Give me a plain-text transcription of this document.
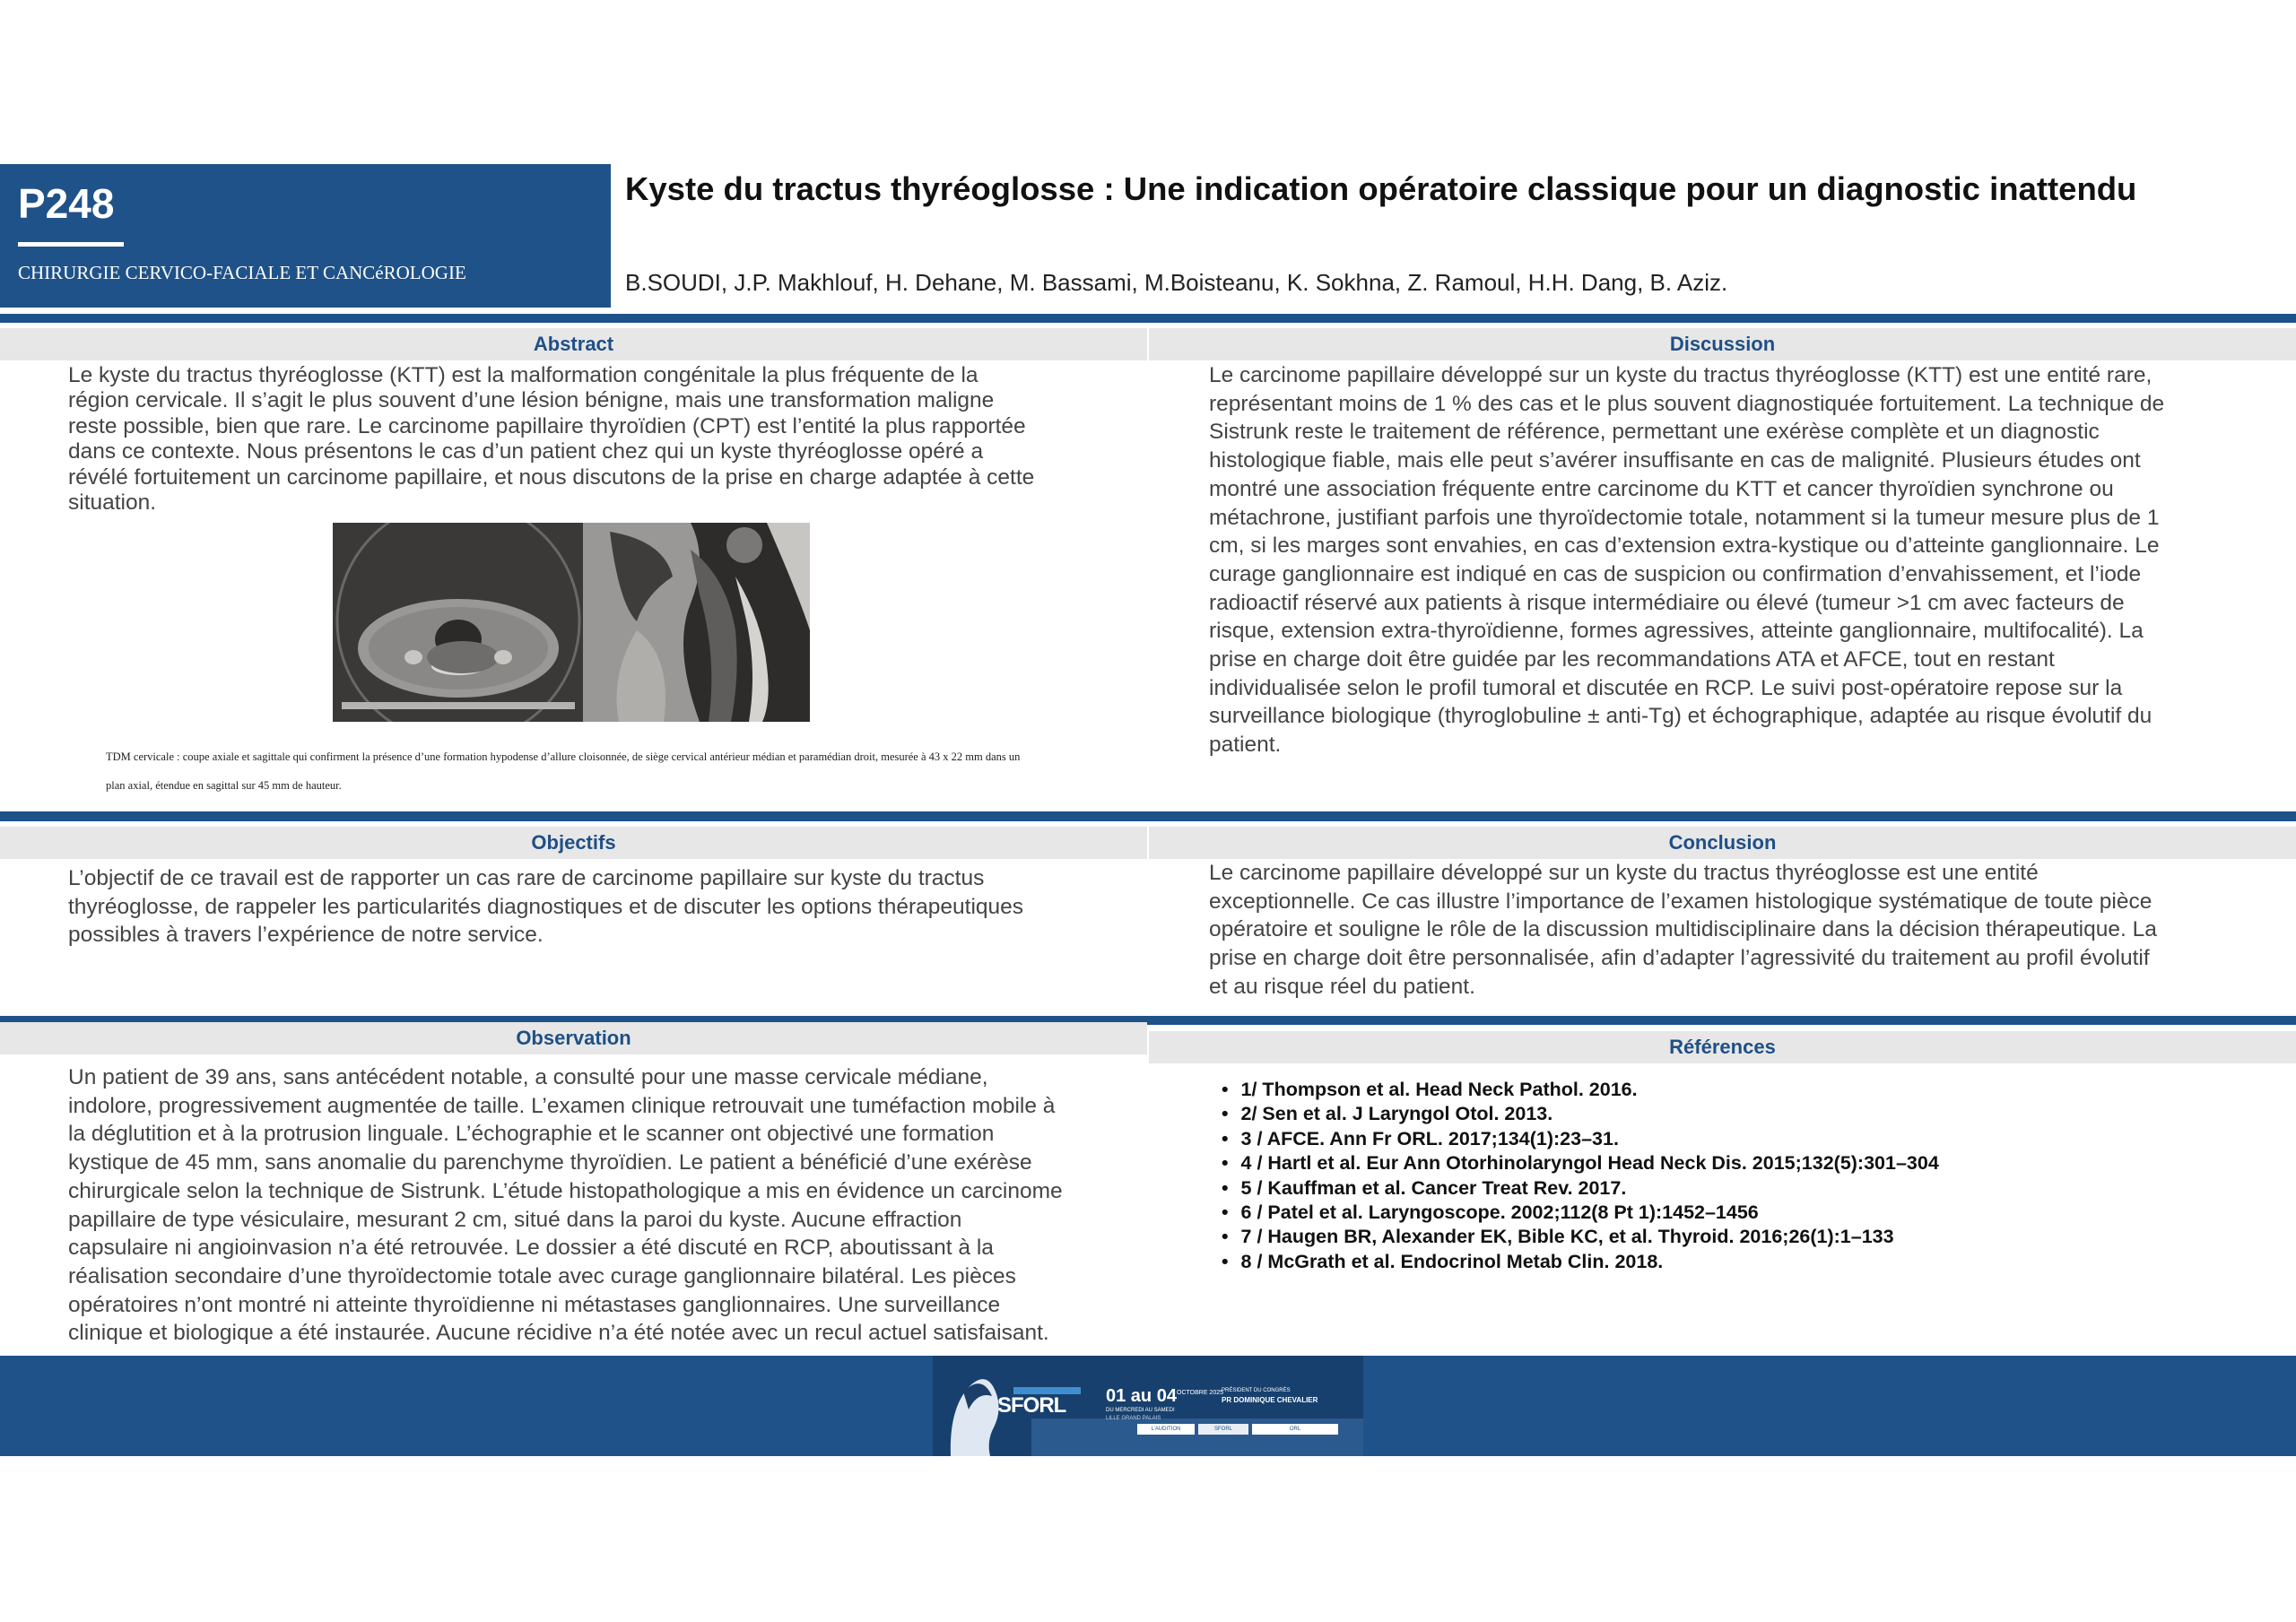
P248
CHIRURGIE CERVICO-FACIALE ET CANCéROLOGIE
Kyste du tractus thyréoglosse : Une indication opératoire classique pour un diagnostic inattendu
B.SOUDI, J.P. Makhlouf, H. Dehane, M. Bassami, M.Boisteanu, K. Sokhna, Z. Ramoul, H.H. Dang, B. Aziz.
Abstract
Le kyste du tractus thyréoglosse (KTT) est la malformation congénitale la plus fréquente de la
région cervicale. Il s’agit le plus souvent d’une lésion bénigne, mais une transformation maligne
reste possible, bien que rare. Le carcinome papillaire thyroïdien (CPT) est l’entité la plus rapportée
dans ce contexte. Nous présentons le cas d’un patient chez qui un kyste thyréoglosse opéré a
révélé fortuitement un carcinome papillaire, et nous discutons de la prise en charge adaptée à cette
situation.
TDM cervicale : coupe axiale et sagittale qui confirment la présence d’une formation hypodense d’allure cloisonnée, de siège cervical antérieur médian et paramédian droit, mesurée à 43 x 22 mm dans un
plan axial, étendue en sagittal sur 45 mm de hauteur.
Discussion
Le carcinome papillaire développé sur un kyste du tractus thyréoglosse (KTT) est une entité rare,
représentant moins de 1 % des cas et le plus souvent diagnostiquée fortuitement. La technique de
Sistrunk reste le traitement de référence, permettant une exérèse complète et un diagnostic
histologique fiable, mais elle peut s’avérer insuffisante en cas de malignité. Plusieurs études ont
montré une association fréquente entre carcinome du KTT et cancer thyroïdien synchrone ou
métachrone, justifiant parfois une thyroïdectomie totale, notamment si la tumeur mesure plus de 1
cm, si les marges sont envahies, en cas d’extension extra-kystique ou d’atteinte ganglionnaire. Le
curage ganglionnaire est indiqué en cas de suspicion ou confirmation d’envahissement, et l’iode
radioactif réservé aux patients à risque intermédiaire ou élevé (tumeur >1 cm avec facteurs de
risque, extension extra-thyroïdienne, formes agressives, atteinte ganglionnaire, multifocalité). La
prise en charge doit être guidée par les recommandations ATA et AFCE, tout en restant
individualisée selon le profil tumoral et discutée en RCP. Le suivi post-opératoire repose sur la
surveillance biologique (thyroglobuline ± anti-Tg) et échographique, adaptée au risque évolutif du
patient.
Objectifs
L’objectif de ce travail est de rapporter un cas rare de carcinome papillaire sur kyste du tractus
thyréoglosse, de rappeler les particularités diagnostiques et de discuter les options thérapeutiques
possibles à travers l’expérience de notre service.
Conclusion
Le carcinome papillaire développé sur un kyste du tractus thyréoglosse est une entité
exceptionnelle. Ce cas illustre l’importance de l’examen histologique systématique de toute pièce
opératoire et souligne le rôle de la discussion multidisciplinaire dans la décision thérapeutique. La
prise en charge doit être personnalisée, afin d’adapter l’agressivité du traitement au profil évolutif
et au risque réel du patient.
Observation
Un patient de 39 ans, sans antécédent notable, a consulté pour une masse cervicale médiane,
indolore, progressivement augmentée de taille. L’examen clinique retrouvait une tuméfaction mobile à
la déglutition et à la protrusion linguale. L’échographie et le scanner ont objectivé une formation
kystique de 45 mm, sans anomalie du parenchyme thyroïdien. Le patient a bénéficié d’une exérèse
chirurgicale selon la technique de Sistrunk. L’étude histopathologique a mis en évidence un carcinome
papillaire de type vésiculaire, mesurant 2 cm, situé dans la paroi du kyste. Aucune effraction
capsulaire ni angioinvasion n’a été retrouvée. Le dossier a été discuté en RCP, aboutissant à la
réalisation secondaire d’une thyroïdectomie totale avec curage ganglionnaire bilatéral. Les pièces
opératoires n’ont montré ni atteinte thyroïdienne ni métastases ganglionnaires. Une surveillance
clinique et biologique a été instaurée. Aucune récidive n’a été notée avec un recul actuel satisfaisant.
Références
• 1/ Thompson et al. Head Neck Pathol. 2016.
• 2/ Sen et al. J Laryngol Otol. 2013.
• 3 / AFCE. Ann Fr ORL. 2017;134(1):23–31.
• 4 / Hartl et al. Eur Ann Otorhinolaryngol Head Neck Dis. 2015;132(5):301–304
• 5 / Kauffman et al. Cancer Treat Rev. 2017.
• 6 / Patel et al. Laryngoscope. 2002;112(8 Pt 1):1452–1456
• 7 / Haugen BR, Alexander EK, Bible KC, et al. Thyroid. 2016;26(1):1–133
• 8 / McGrath et al. Endocrinol Metab Clin. 2018.
SFORL 01 au 04 OCTOBRE 2025
DU MERCREDI AU SAMEDI
LILLE GRAND PALAIS
PRÉSIDENT DU CONGRÈS
PR DOMINIQUE CHEVALIER
L’AUDITION	SFORL	ORL
